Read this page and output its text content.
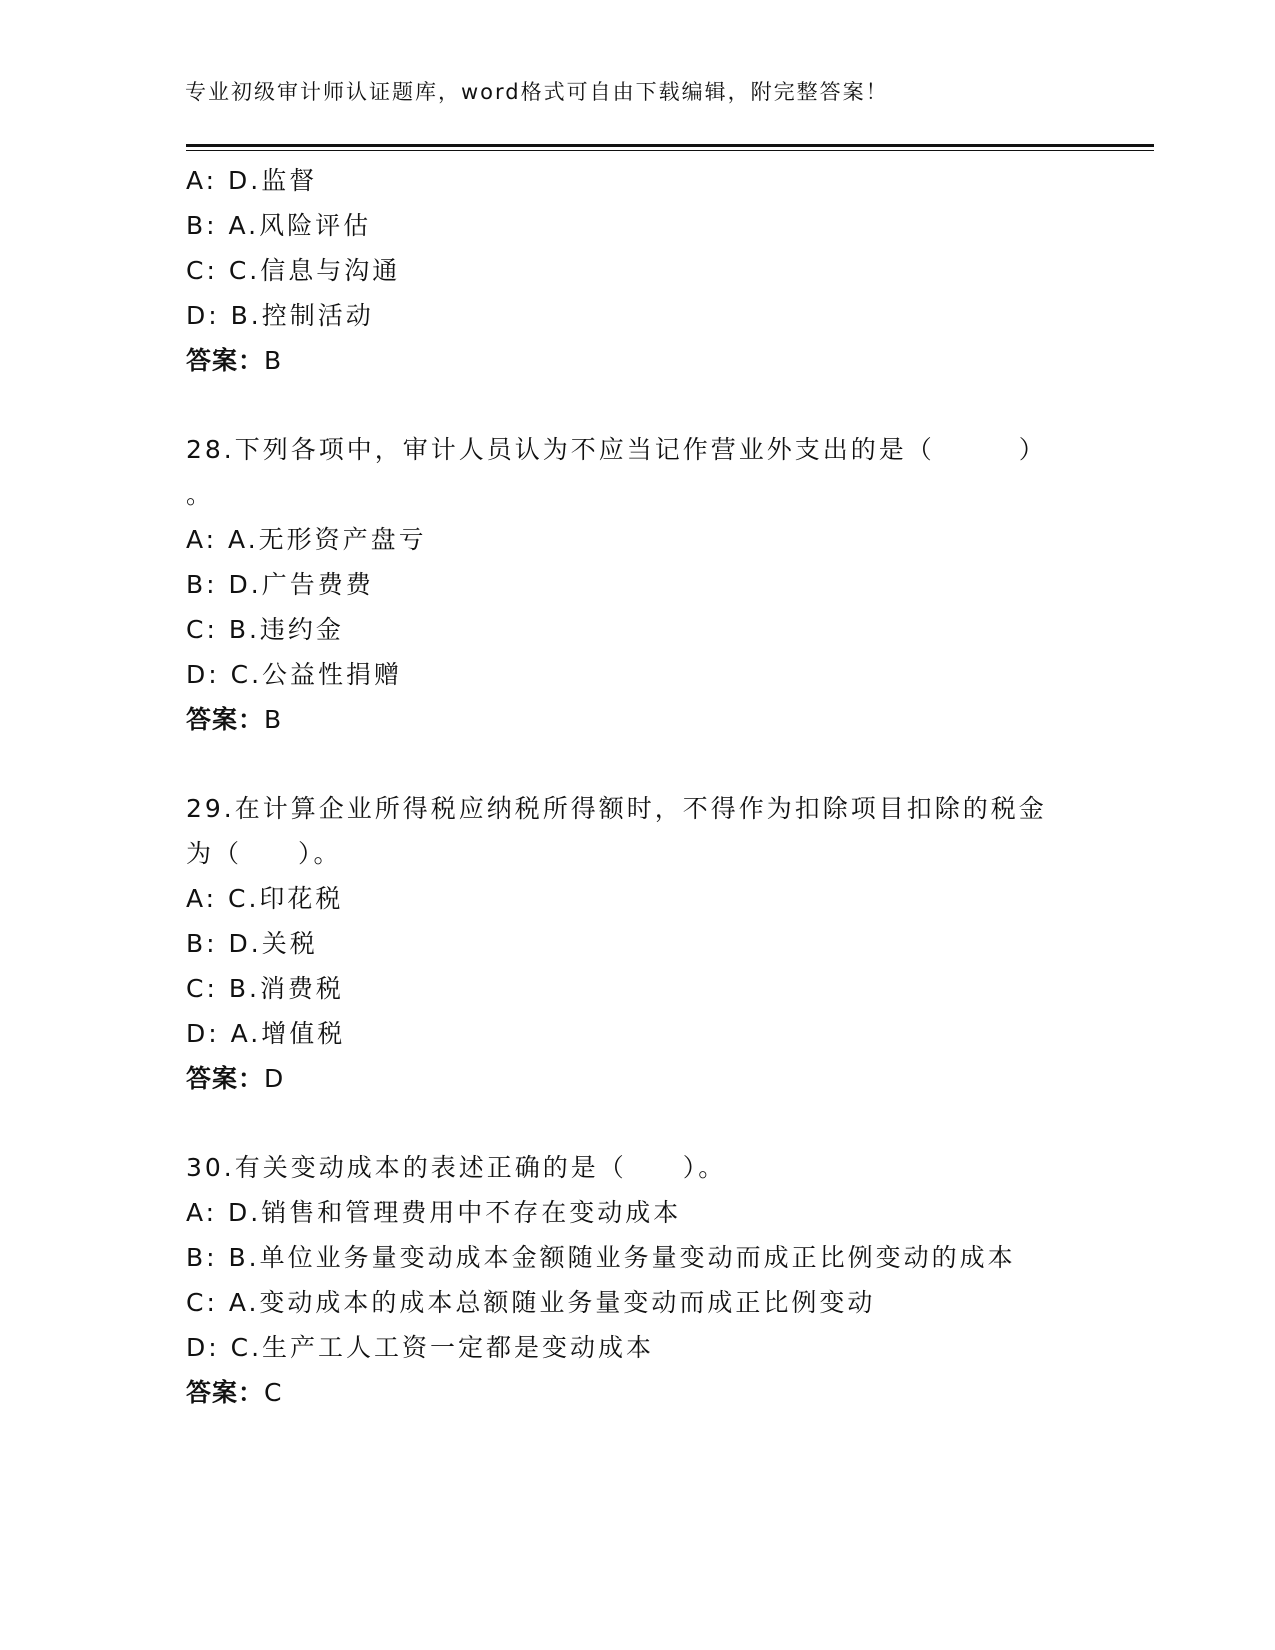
专业初级审计师认证题库，word格式可自由下载编辑，附完整答案！
A: D.监督
B: A.风险评估
C: C.信息与沟通
D: B.控制活动
答案：B
28.下列各项中，审计人员认为不应当记作营业外支出的是（　　　）
。
A: A.无形资产盘亏
B: D.广告费费
C: B.违约金
D: C.公益性捐赠
答案：B
29.在计算企业所得税应纳税所得额时，不得作为扣除项目扣除的税金
为（　　）。
A: C.印花税
B: D.关税
C: B.消费税
D: A.增值税
答案：D
30.有关变动成本的表述正确的是（　　）。
A: D.销售和管理费用中不存在变动成本
B: B.单位业务量变动成本金额随业务量变动而成正比例变动的成本
C: A.变动成本的成本总额随业务量变动而成正比例变动
D: C.生产工人工资一定都是变动成本
答案：C
